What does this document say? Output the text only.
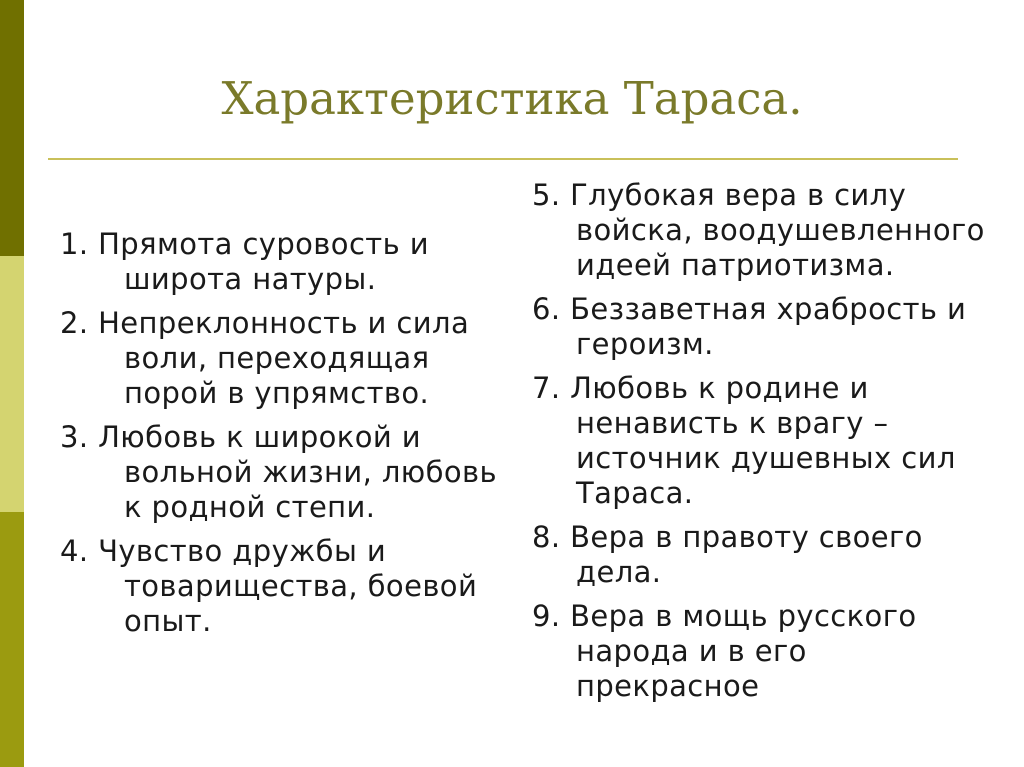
Характеристика Тараса.
1. Прямота суровость и широта натуры.
2. Непреклонность и сила воли, переходящая порой в упрямство.
3. Любовь к широкой и вольной жизни, любовь к родной степи.
4. Чувство дружбы и товарищества, боевой опыт.
5. Глубокая вера в силу войска, воодушевленного идеей патриотизма.
6. Беззаветная храбрость и героизм.
7. Любовь к родине и ненависть к врагу – источник душевных сил Тараса.
8. Вера в правоту своего дела.
9. Вера в мощь русского народа и в его прекрасное
